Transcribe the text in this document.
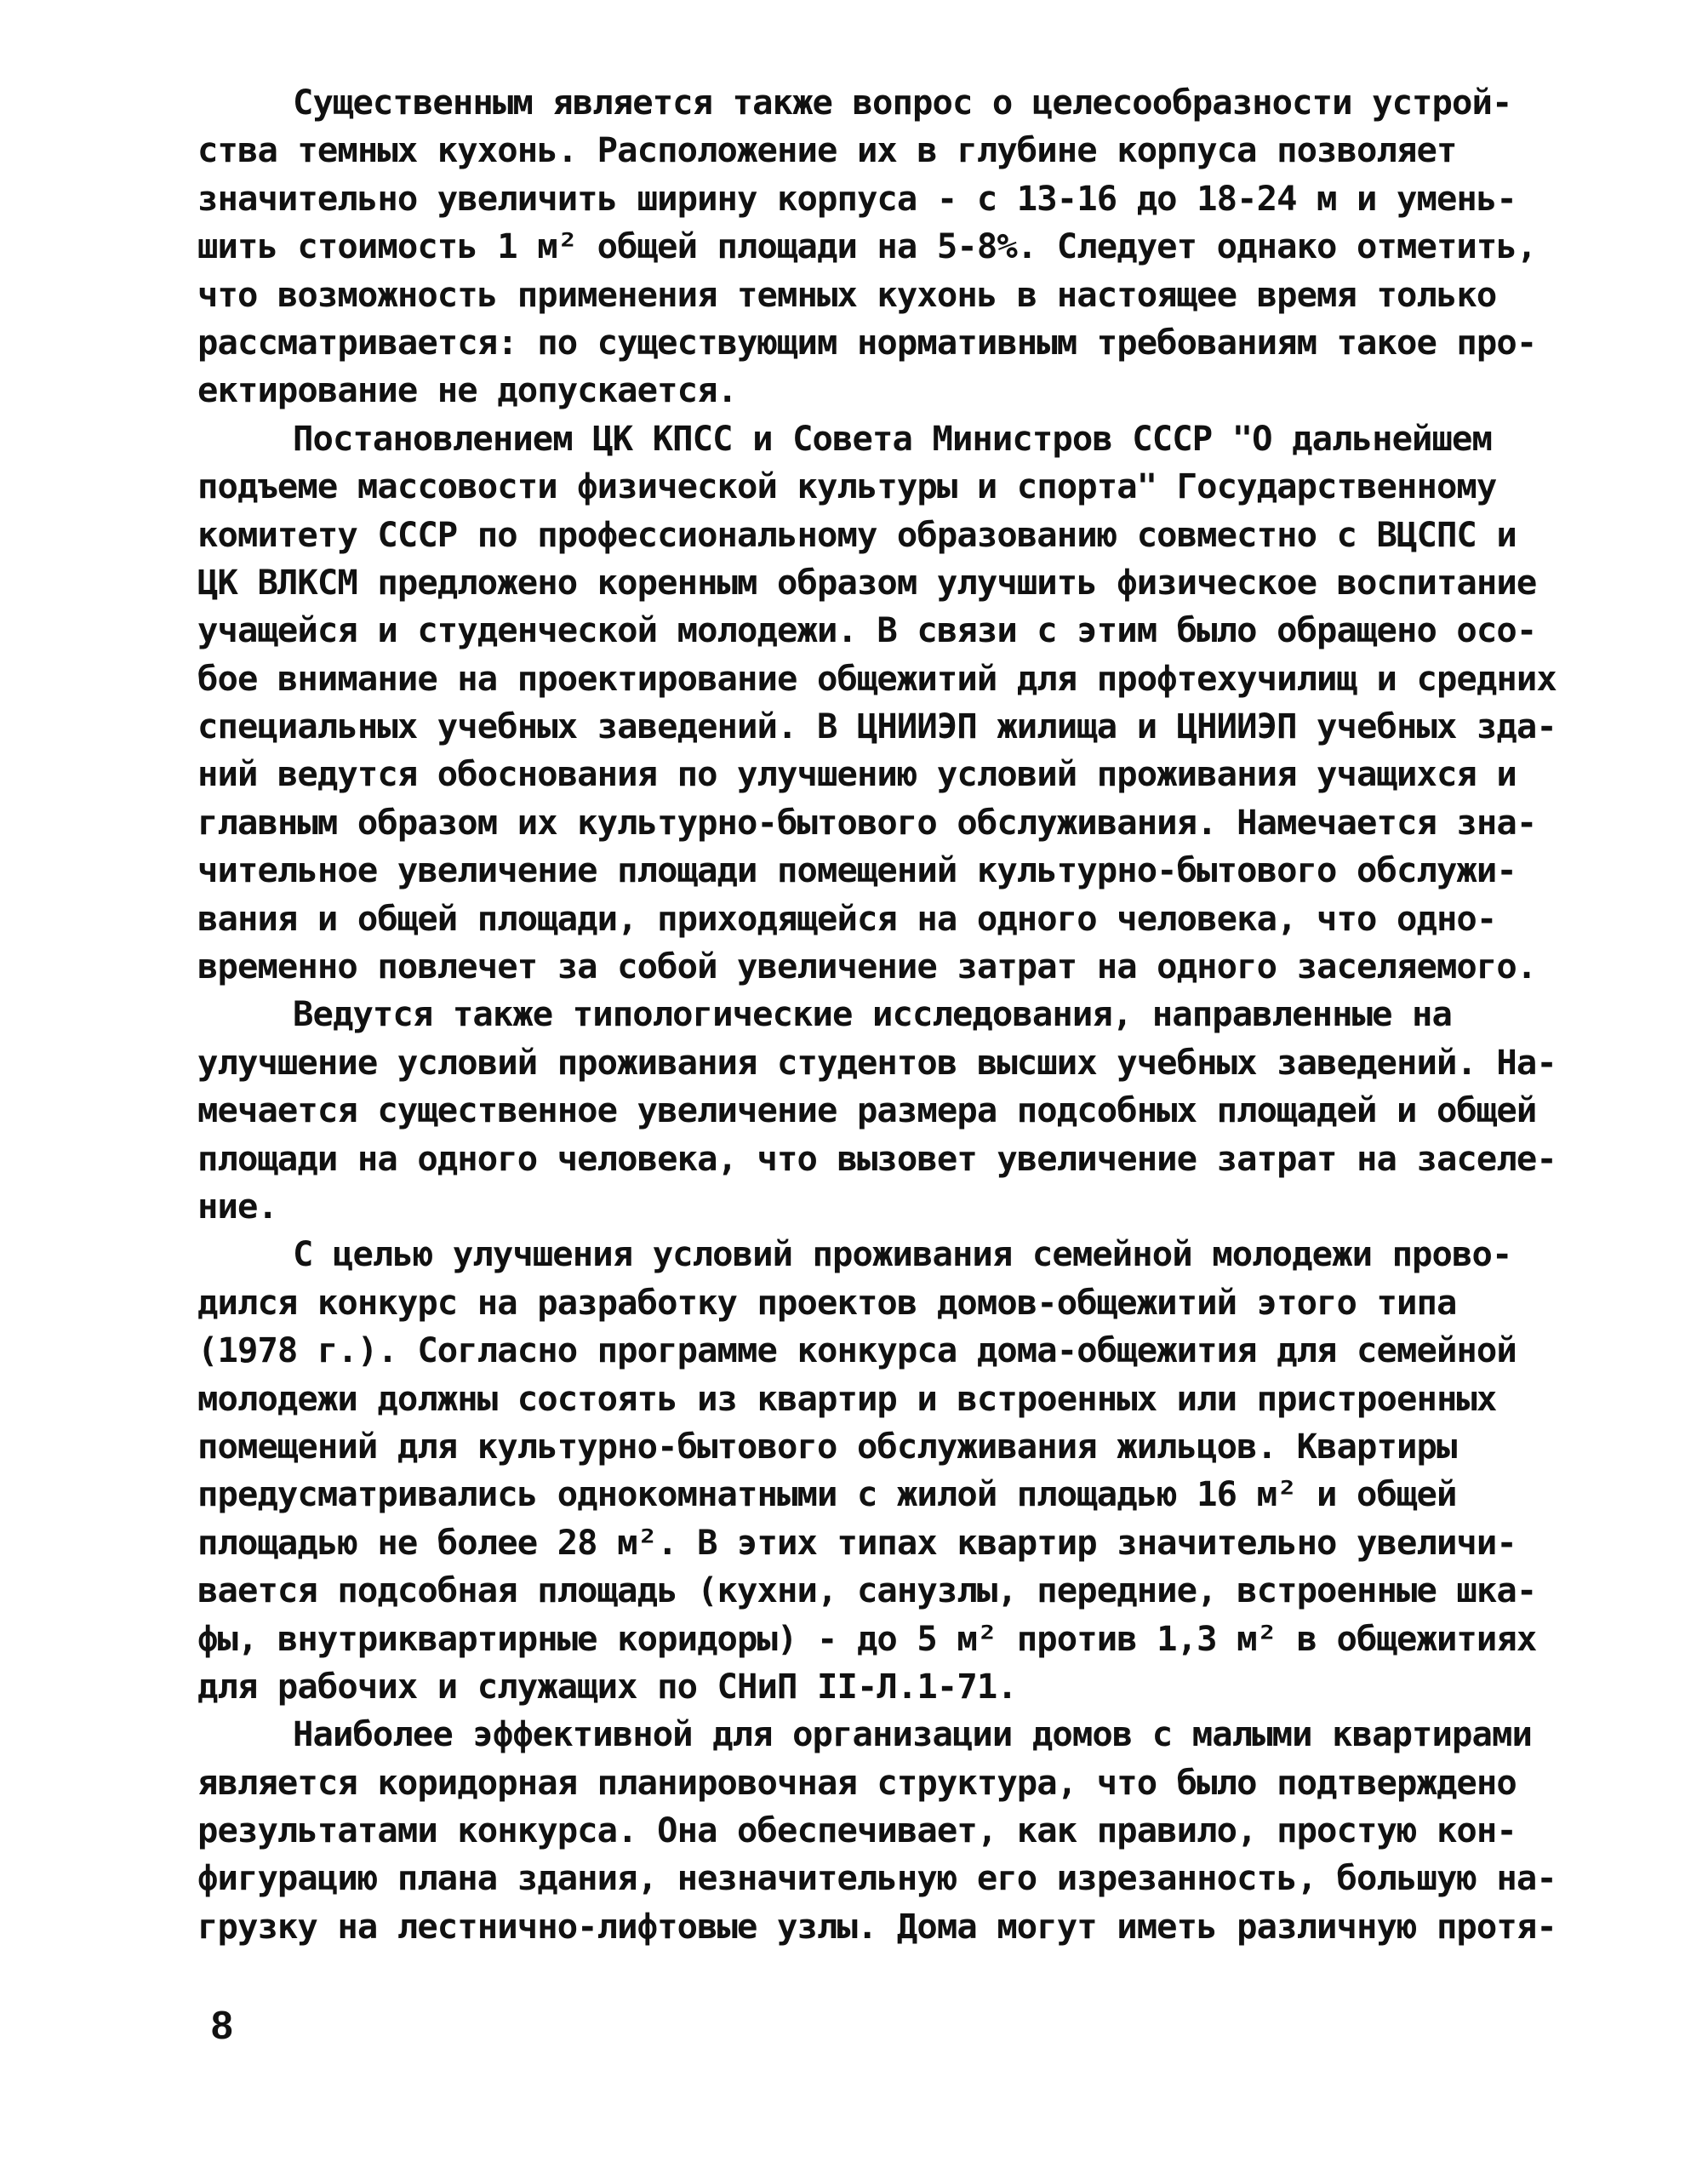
Существенным является также вопрос о целесообразности устрой-
ства темных кухонь. Расположение их в глубине корпуса позволяет
значительно увеличить ширину корпуса - с 13-16 до 18-24 м и умень-
шить стоимость 1 м² общей площади на 5-8%. Следует однако отметить,
что возможность применения темных кухонь в настоящее время только
рассматривается: по существующим нормативным требованиям такое про-
ектирование не допускается.
Постановлением ЦК КПСС и Совета Министров СССР "О дальнейшем
подъеме массовости физической культуры и спорта" Государственному
комитету СССР по профессиональному образованию совместно с ВЦСПС и
ЦК ВЛКСМ предложено коренным образом улучшить физическое воспитание
учащейся и студенческой молодежи. В связи с этим было обращено осо-
бое внимание на проектирование общежитий для профтехучилищ и средних
специальных учебных заведений. В ЦНИИЭП жилища и ЦНИИЭП учебных зда-
ний ведутся обоснования по улучшению условий проживания учащихся и
главным образом их культурно-бытового обслуживания. Намечается зна-
чительное увеличение площади помещений культурно-бытового обслужи-
вания и общей площади, приходящейся на одного человека, что одно-
временно повлечет за собой увеличение затрат на одного заселяемого.
Ведутся также типологические исследования, направленные на
улучшение условий проживания студентов высших учебных заведений. На-
мечается существенное увеличение размера подсобных площадей и общей
площади на одного человека, что вызовет увеличение затрат на заселе-
ние.
С целью улучшения условий проживания семейной молодежи прово-
дился конкурс на разработку проектов домов-общежитий этого типа
(1978 г.). Согласно программе конкурса дома-общежития для семейной
молодежи должны состоять из квартир и встроенных или пристроенных
помещений для культурно-бытового обслуживания жильцов. Квартиры
предусматривались однокомнатными с жилой площадью 16 м² и общей
площадью не более 28 м². В этих типах квартир значительно увеличи-
вается подсобная площадь (кухни, санузлы, передние, встроенные шка-
фы, внутриквартирные коридоры) - до 5 м² против 1,3 м² в общежитиях
для рабочих и служащих по СНиП II-Л.1-71.
Наиболее эффективной для организации домов с малыми квартирами
является коридорная планировочная структура, что было подтверждено
результатами конкурса. Она обеспечивает, как правило, простую кон-
фигурацию плана здания, незначительную его изрезанность, большую на-
грузку на лестнично-лифтовые узлы. Дома могут иметь различную протя-
8
